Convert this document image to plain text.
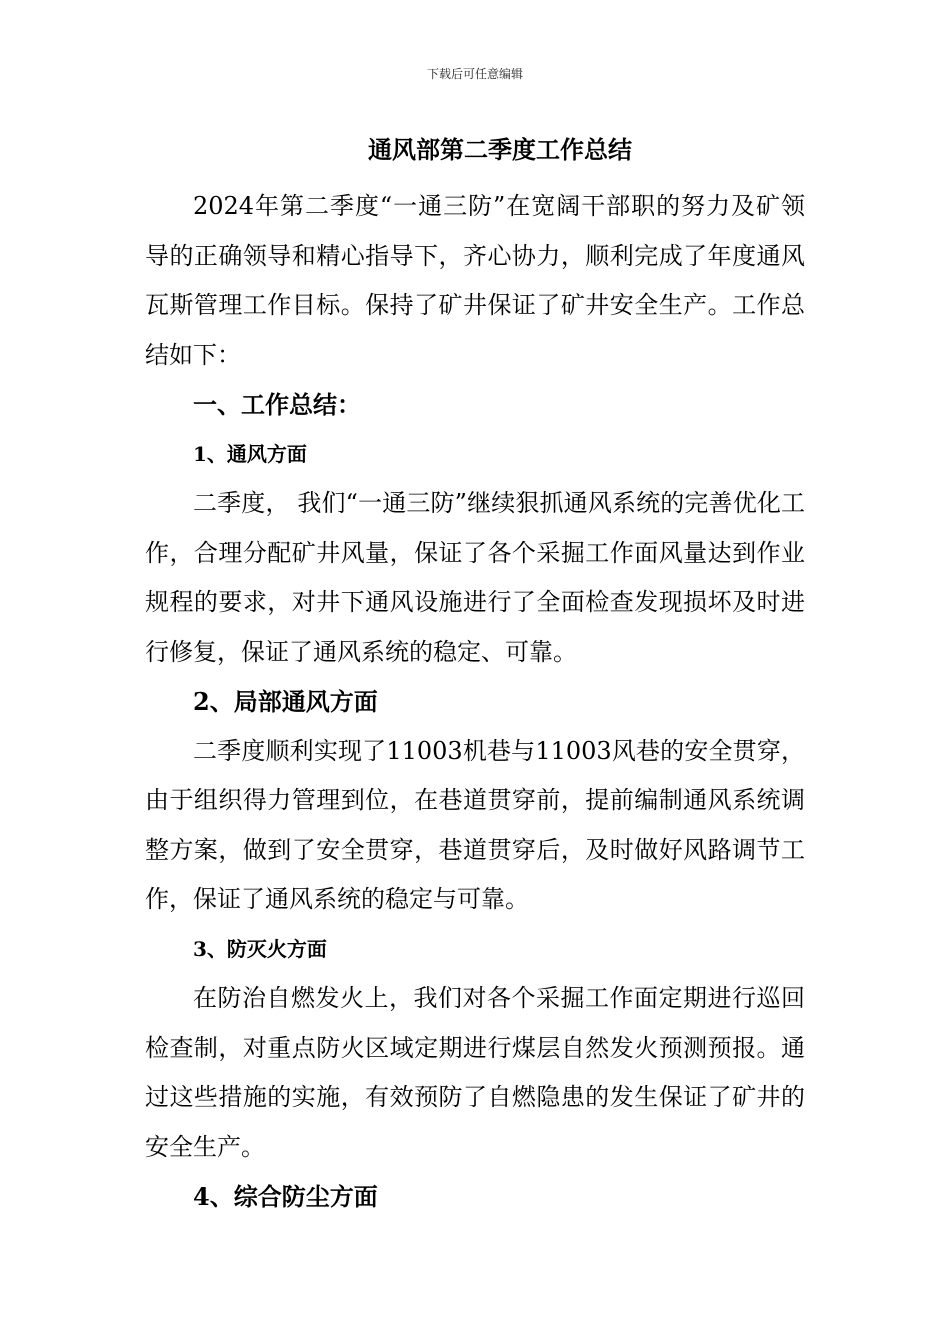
下载后可任意编辑
通风部第二季度工作总结

2024年第二季度“一通三防”在宽阔干部职的努力及矿领导的正确领导和精心指导下，齐心协力，顺利完成了年度通风瓦斯管理工作目标。保持了矿井保证了矿井安全生产。工作总结如下：

一、工作总结：

1、通风方面

二季度， 我们“一通三防”继续狠抓通风系统的完善优化工作，合理分配矿井风量，保证了各个采掘工作面风量达到作业规程的要求，对井下通风设施进行了全面检查发现损坏及时进行修复，保证了通风系统的稳定、可靠。

2、局部通风方面

二季度顺利实现了11003机巷与11003风巷的安全贯穿，由于组织得力管理到位，在巷道贯穿前，提前编制通风系统调整方案，做到了安全贯穿，巷道贯穿后，及时做好风路调节工作，保证了通风系统的稳定与可靠。

3、防灭火方面

在防治自燃发火上，我们对各个采掘工作面定期进行巡回检查制，对重点防火区域定期进行煤层自然发火预测预报。通过这些措施的实施，有效预防了自燃隐患的发生保证了矿井的安全生产。

4、综合防尘方面
